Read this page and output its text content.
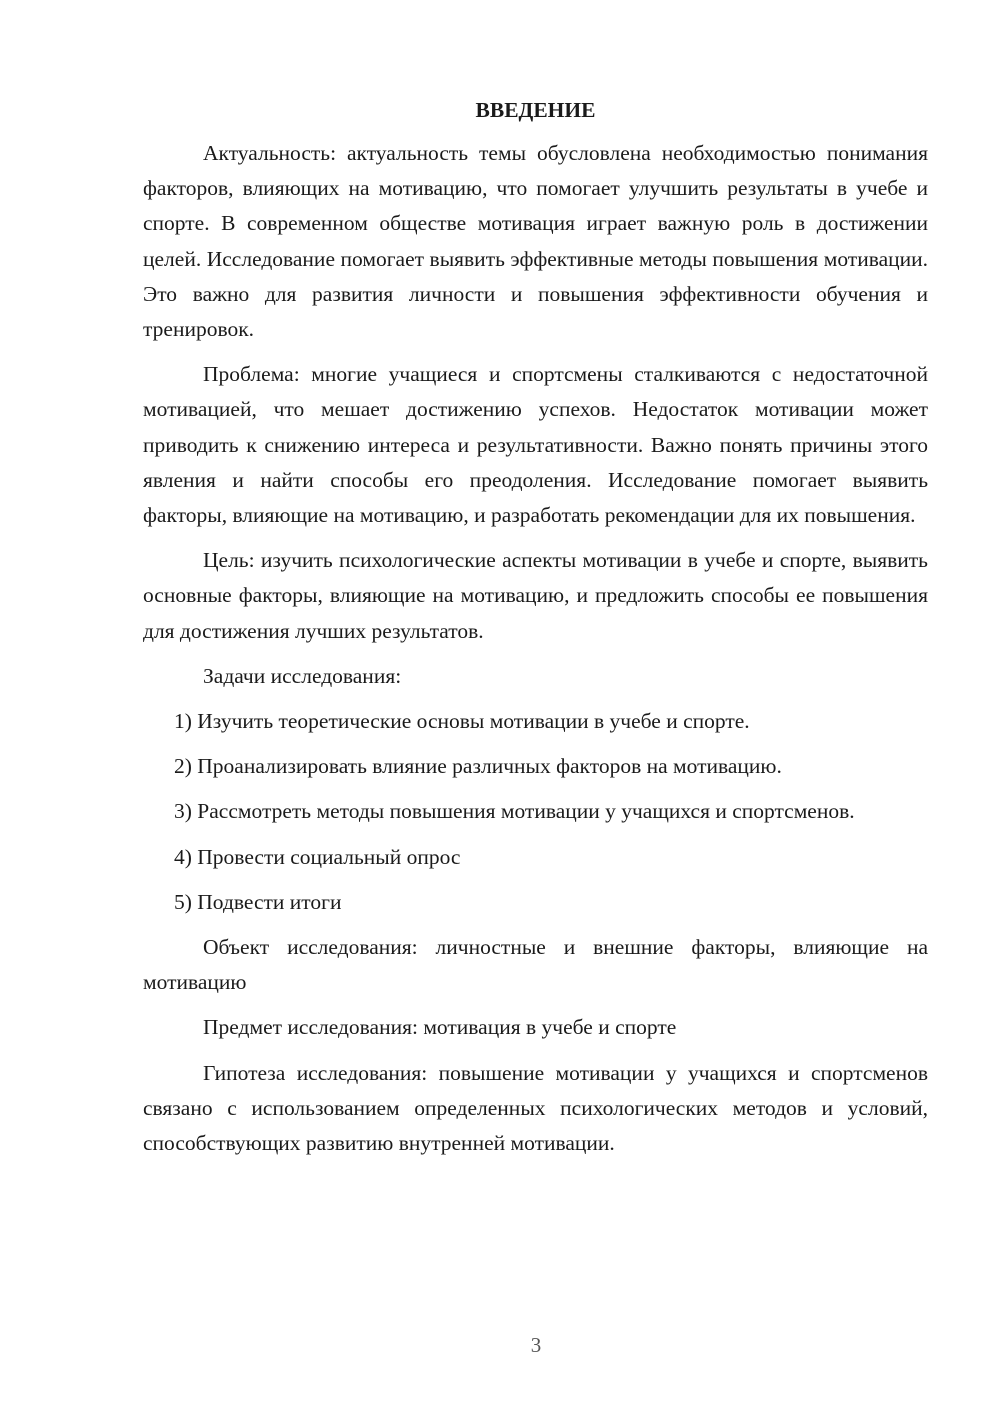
ВВЕДЕНИЕ

Актуальность: актуальность темы обусловлена необходимостью понимания факторов, влияющих на мотивацию, что помогает улучшить результаты в учебе и спорте. В современном обществе мотивация играет важную роль в достижении целей. Исследование помогает выявить эффективные методы повышения мотивации. Это важно для развития личности и повышения эффективности обучения и тренировок.

Проблема: многие учащиеся и спортсмены сталкиваются с недостаточной мотивацией, что мешает достижению успехов. Недостаток мотивации может приводить к снижению интереса и результативности. Важно понять причины этого явления и найти способы его преодоления. Исследование помогает выявить факторы, влияющие на мотивацию, и разработать рекомендации для их повышения.

Цель: изучить психологические аспекты мотивации в учебе и спорте, выявить основные факторы, влияющие на мотивацию, и предложить способы ее повышения для достижения лучших результатов.

Задачи исследования:

1) Изучить теоретические основы мотивации в учебе и спорте.

2) Проанализировать влияние различных факторов на мотивацию.

3) Рассмотреть методы повышения мотивации у учащихся и спортсменов.

4) Провести социальный опрос

5) Подвести итоги

Объект исследования: личностные и внешние факторы, влияющие на мотивацию

Предмет исследования: мотивация в учебе и спорте

Гипотеза исследования: повышение мотивации у учащихся и спортсменов связано с использованием определенных психологических методов и условий, способствующих развитию внутренней мотивации.

3
